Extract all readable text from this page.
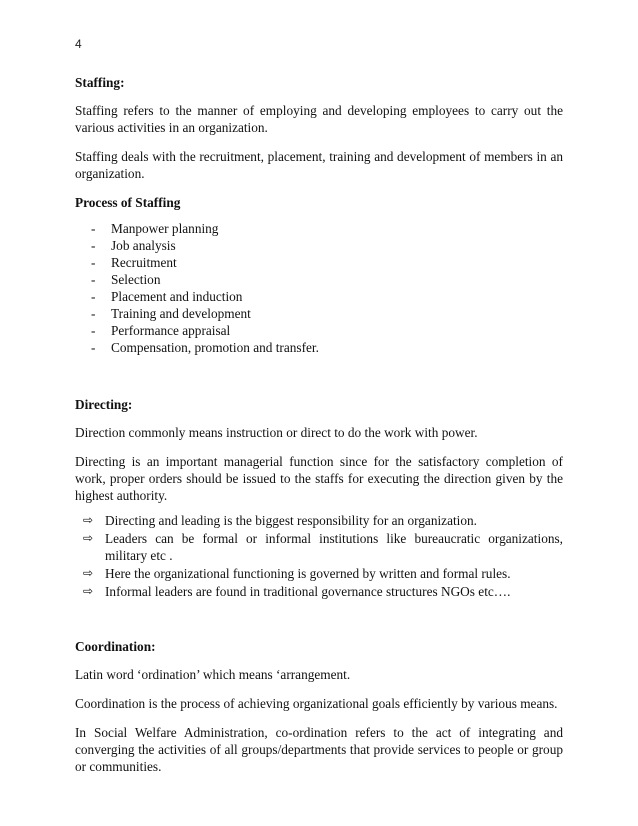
4
Staffing:

Staffing refers to the manner of employing and developing employees to carry out the various activities in an organization.

Staffing deals with the recruitment, placement, training and development of members in an organization.

Process of Staffing
-	Manpower planning
-	Job analysis
-	Recruitment
-	Selection
-	Placement and induction
-	Training and development
-	Performance appraisal
-	Compensation, promotion and transfer.
Directing:

Direction commonly means instruction or direct to do the work with power.

Directing is an important managerial function since for the satisfactory completion of work, proper orders should be issued to the staffs for executing the direction given by the highest authority.

⇨ Directing and leading is the biggest responsibility for an organization.
⇨ Leaders can be formal or informal institutions like bureaucratic organizations, military etc .
⇨ Here the organizational functioning is governed by written and formal rules.
⇨ Informal leaders are found in traditional governance structures NGOs etc….
Coordination:

Latin word ‘ordination’ which means ‘arrangement.

Coordination is the process of achieving organizational goals efficiently by various means.

In Social Welfare Administration, co-ordination refers to the act of integrating and converging the activities of all groups/departments that provide services to people or group or communities.
